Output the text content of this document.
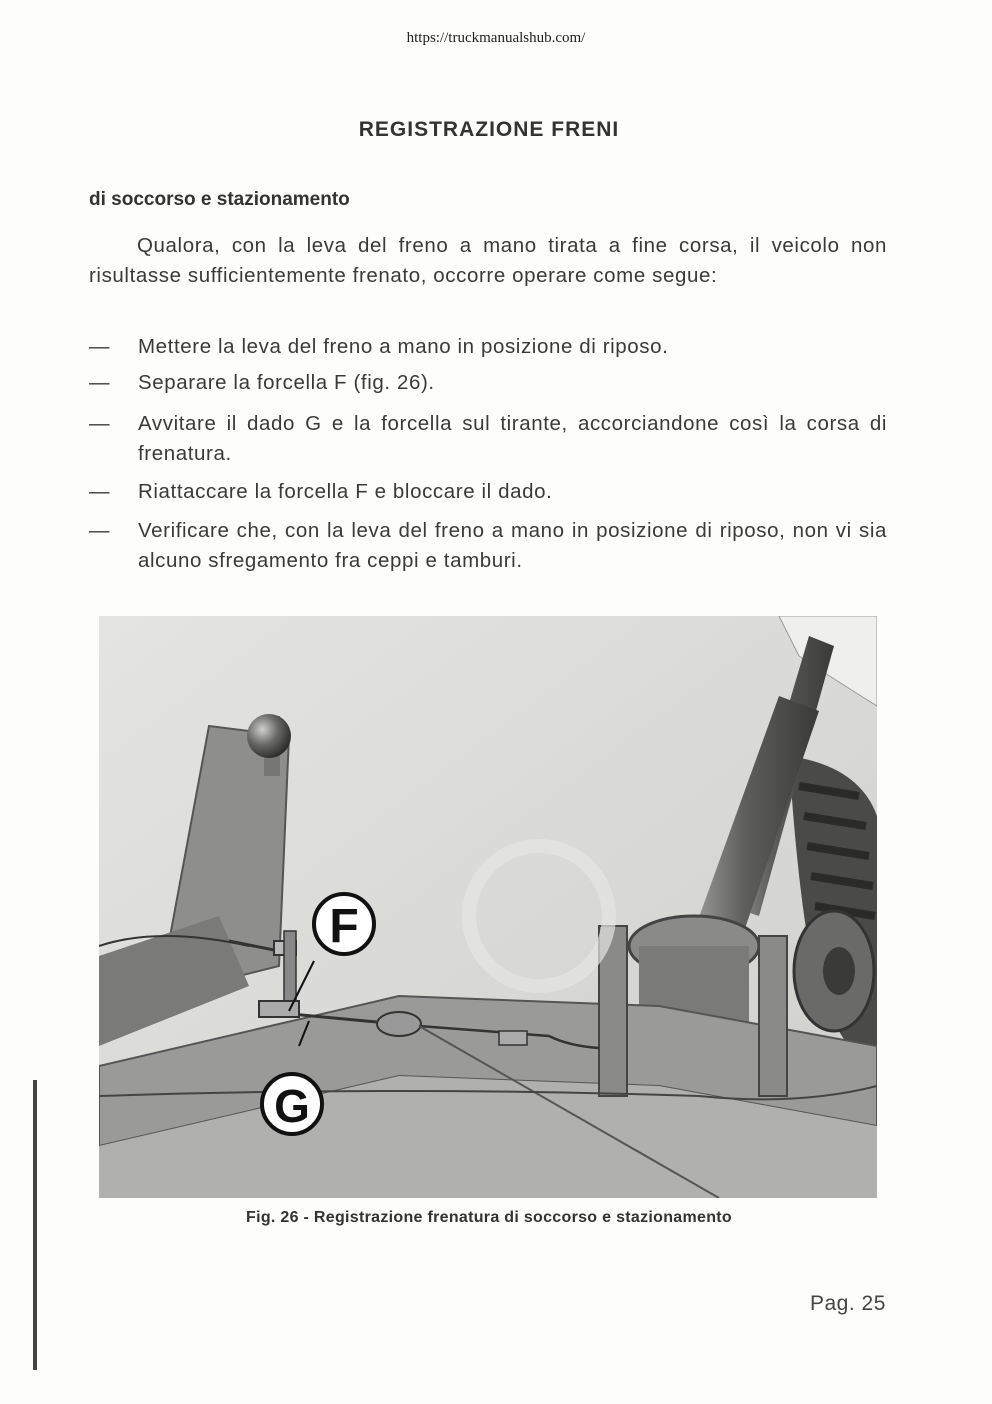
https://truckmanualshub.com/
REGISTRAZIONE FRENI
di soccorso e stazionamento

Qualora, con la leva del freno a mano tirata a fine corsa, il veicolo non risultasse sufficientemente frenato, occorre operare come segue:

—	Mettere la leva del freno a mano in posizione di riposo.
—	Separare la forcella F (fig. 26).
—	Avvitare il dado G e la forcella sul tirante, accorciandone così la corsa di frenatura.
—	Riattaccare la forcella F e bloccare il dado.
—	Verificare che, con la leva del freno a mano in posizione di riposo, non vi sia alcuno sfregamento fra ceppi e tamburi.
F
G
Fig. 26 - Registrazione frenatura di soccorso e stazionamento
Pag. 25
